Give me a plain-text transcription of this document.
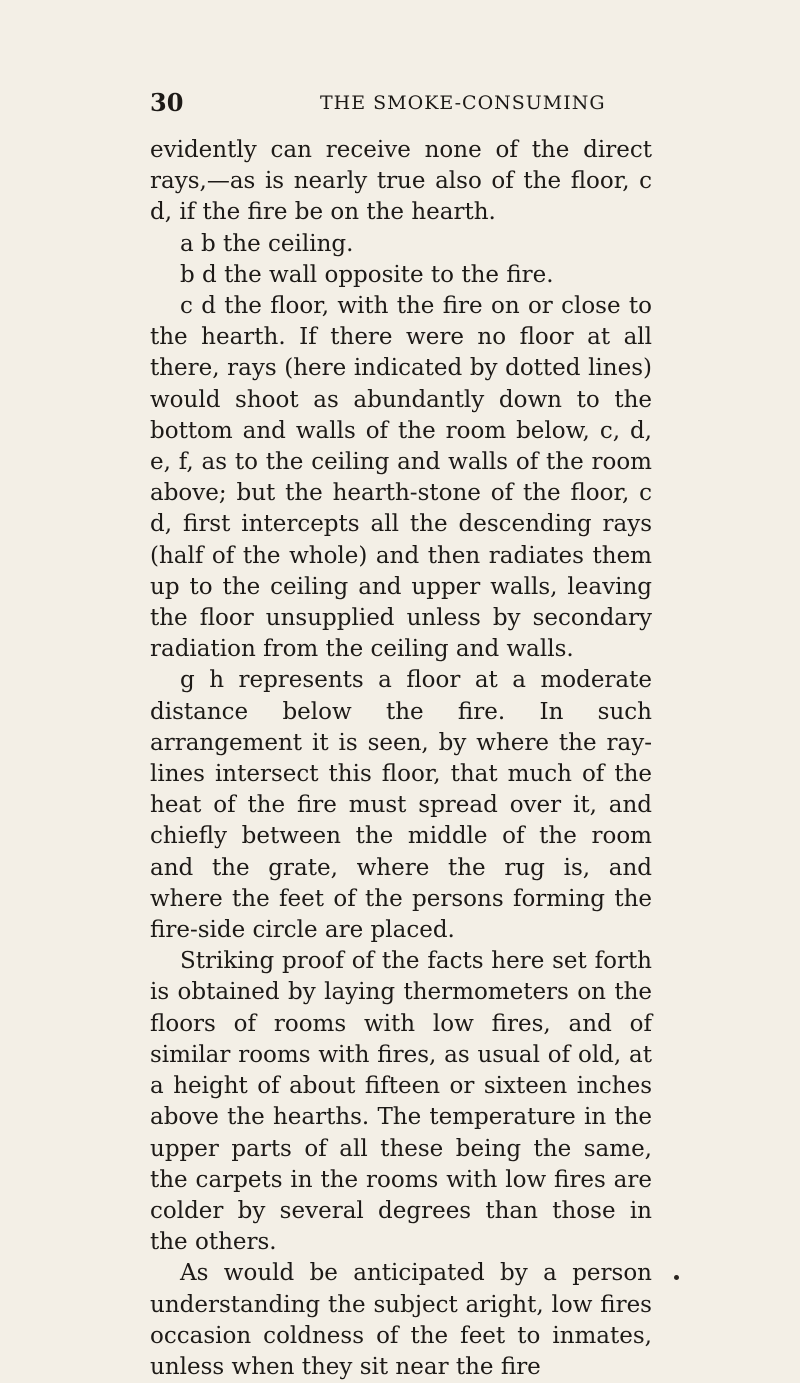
30	THE SMOKE-CONSUMING

evidently can receive none of the direct rays,—as is nearly true also of the floor, c d, if the fire be on the hearth.

a b the ceiling.

b d the wall opposite to the fire.

c d the floor, with the fire on or close to the hearth. If there were no floor at all there, rays (here indicated by dotted lines) would shoot as abundantly down to the bottom and walls of the room below, c, d, e, f, as to the ceiling and walls of the room above; but the hearth-stone of the floor, c d, first intercepts all the descending rays (half of the whole) and then radiates them up to the ceiling and upper walls, leaving the floor unsupplied unless by secondary radiation from the ceiling and walls.

g h represents a floor at a moderate distance below the fire. In such arrangement it is seen, by where the ray-lines intersect this floor, that much of the heat of the fire must spread over it, and chiefly between the middle of the room and the grate, where the rug is, and where the feet of the persons forming the fire-side circle are placed.

Striking proof of the facts here set forth is obtained by laying thermometers on the floors of rooms with low fires, and of similar rooms with fires, as usual of old, at a height of about fifteen or sixteen inches above the hearths. The temperature in the upper parts of all these being the same, the carpets in the rooms with low fires are colder by several degrees than those in the others.

As would be anticipated by a person understanding the subject aright, low fires occasion coldness of the feet to inmates, unless when they sit near the fire
